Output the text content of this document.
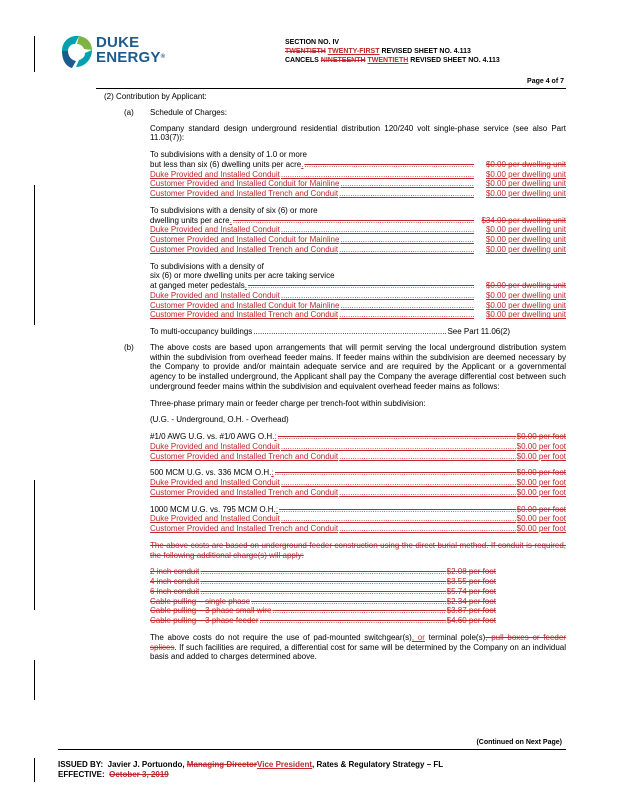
DUKE
ENERGY®
SECTION NO. IV
TWENTIETH TWENTY-FIRST REVISED SHEET NO. 4.113
CANCELS NINETEENTH TWENTIETH REVISED SHEET NO. 4.113
Page 4 of 7
(2) Contribution by Applicant:
(a)	Schedule of Charges:

Company standard design underground residential distribution 120/240 volt single-phase service (see also Part 11.03(7)):

To subdivisions with a density of 1.0 or more
but less than six (6) dwelling units per acre. .....	$0.00 per dwelling unit
Duke Provided and Installed Conduit .....	$0.00 per dwelling unit
Customer Provided and Installed Conduit for Mainline .....	$0.00 per dwelling unit
Customer Provided and Installed Trench and Conduit .....	$0.00 per dwelling unit
To subdivisions with a density of six (6) or more
dwelling units per acre. .....	$34.00 per dwelling unit
Duke Provided and Installed Conduit .....	$0.00 per dwelling unit
Customer Provided and Installed Conduit for Mainline .....	$0.00 per dwelling unit
Customer Provided and Installed Trench and Conduit .....	$0.00 per dwelling unit
To subdivisions with a density of
six (6) or more dwelling units per acre taking service
at ganged meter pedestals. .....	$0.00 per dwelling unit
Duke Provided and Installed Conduit .....	$0.00 per dwelling unit
Customer Provided and Installed Conduit for Mainline .....	$0.00 per dwelling unit
Customer Provided and Installed Trench and Conduit .....	$0.00 per dwelling unit
To multi-occupancy buildings .....	See Part 11.06(2)
(b)	The above costs are based upon arrangements that will permit serving the local underground distribution system within the subdivision from overhead feeder mains. If feeder mains within the subdivision are deemed necessary by the Company to provide and/or maintain adequate service and are required by the Applicant or a governmental agency to be installed underground, the Applicant shall pay the Company the average differential cost between such underground feeder mains within the subdivision and equivalent overhead feeder mains as follows:

Three-phase primary main or feeder charge per trench-foot within subdivision:
(U.G. - Underground, O.H. - Overhead)
#1/0 AWG U.G. vs. #1/0 AWG O.H.: .....	$0.00 per foot
Duke Provided and Installed Conduit .....	$0.00 per foot
Customer Provided and Installed Trench and Conduit .....	$0.00 per foot
500 MCM U.G. vs. 336 MCM O.H.: .....	$0.00 per foot
Duke Provided and Installed Conduit .....	$0.00 per foot
Customer Provided and Installed Trench and Conduit .....	$0.00 per foot
1000 MCM U.G. vs. 795 MCM O.H.: .....	$0.00 per foot
Duke Provided and Installed Conduit .....	$0.00 per foot
Customer Provided and Installed Trench and Conduit .....	$0.00 per foot

The above costs are based on underground feeder construction using the direct burial method. If conduit is required, the following additional charge(s) will apply:

2 inch conduit .....	$2.08 per foot
4 inch conduit .....	$3.55 per foot
6 inch conduit .....	$5.74 per foot
Cable pulling – single phase .....	$2.34 per foot
Cable pulling – 3 phase small wire .....	$3.87 per foot
Cable pulling – 3 phase feeder .....	$4.60 per foot

The above costs do not require the use of pad-mounted switchgear(s), or terminal pole(s), pull boxes or feeder splices. If such facilities are required, a differential cost for same will be determined by the Company on an individual basis and added to charges determined above.

(Continued on Next Page)
ISSUED BY: Javier J. Portuondo, Managing DirectorVice President, Rates & Regulatory Strategy – FL
EFFECTIVE: October 3, 2019
